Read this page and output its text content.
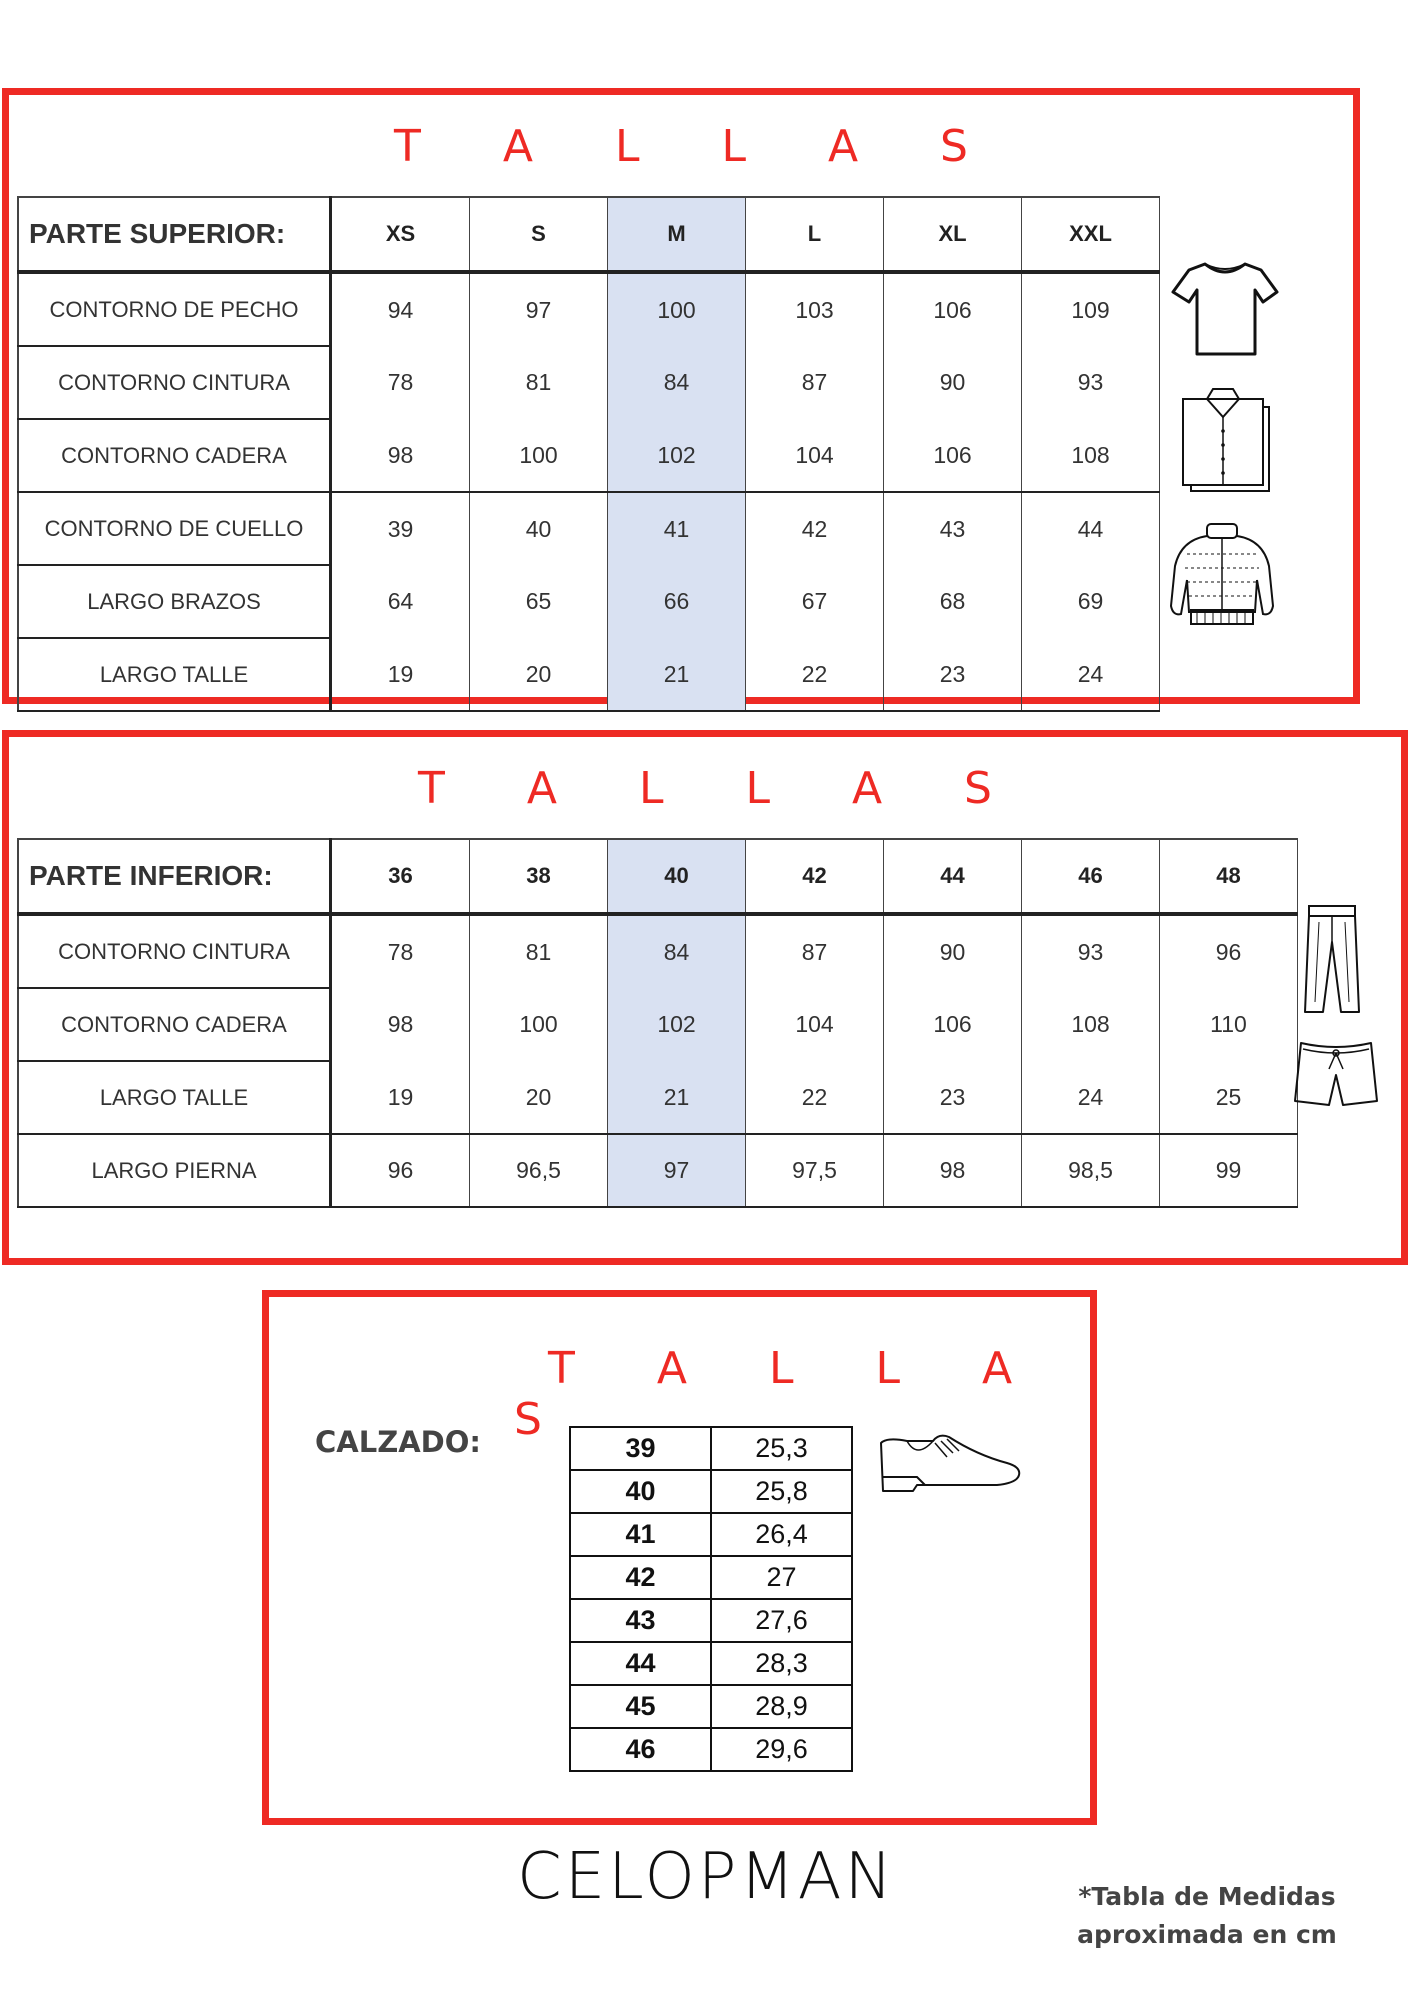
T A L L A S
PARTE SUPERIOR:	XS	S	M	L	XL	XXL
CONTORNO DE PECHO	94	97	100	103	106	109
CONTORNO CINTURA	78	81	84	87	90	93
CONTORNO CADERA	98	100	102	104	106	108
CONTORNO DE CUELLO	39	40	41	42	43	44
LARGO BRAZOS	64	65	66	67	68	69
LARGO TALLE	19	20	21	22	23	24
T A L L A S
PARTE INFERIOR:	36	38	40	42	44	46	48
CONTORNO CINTURA	78	81	84	87	90	93	96
CONTORNO CADERA	98	100	102	104	106	108	110
LARGO TALLE	19	20	21	22	23	24	25
LARGO PIERNA	96	96,5	97	97,5	98	98,5	99
T A L L A S
CALZADO:	39	25,3
40	25,8
41	26,4
42	27
43	27,6
44	28,3
45	28,9
46	29,6
CELOPMAN	*Tabla de Medidas
aproximada en cm
